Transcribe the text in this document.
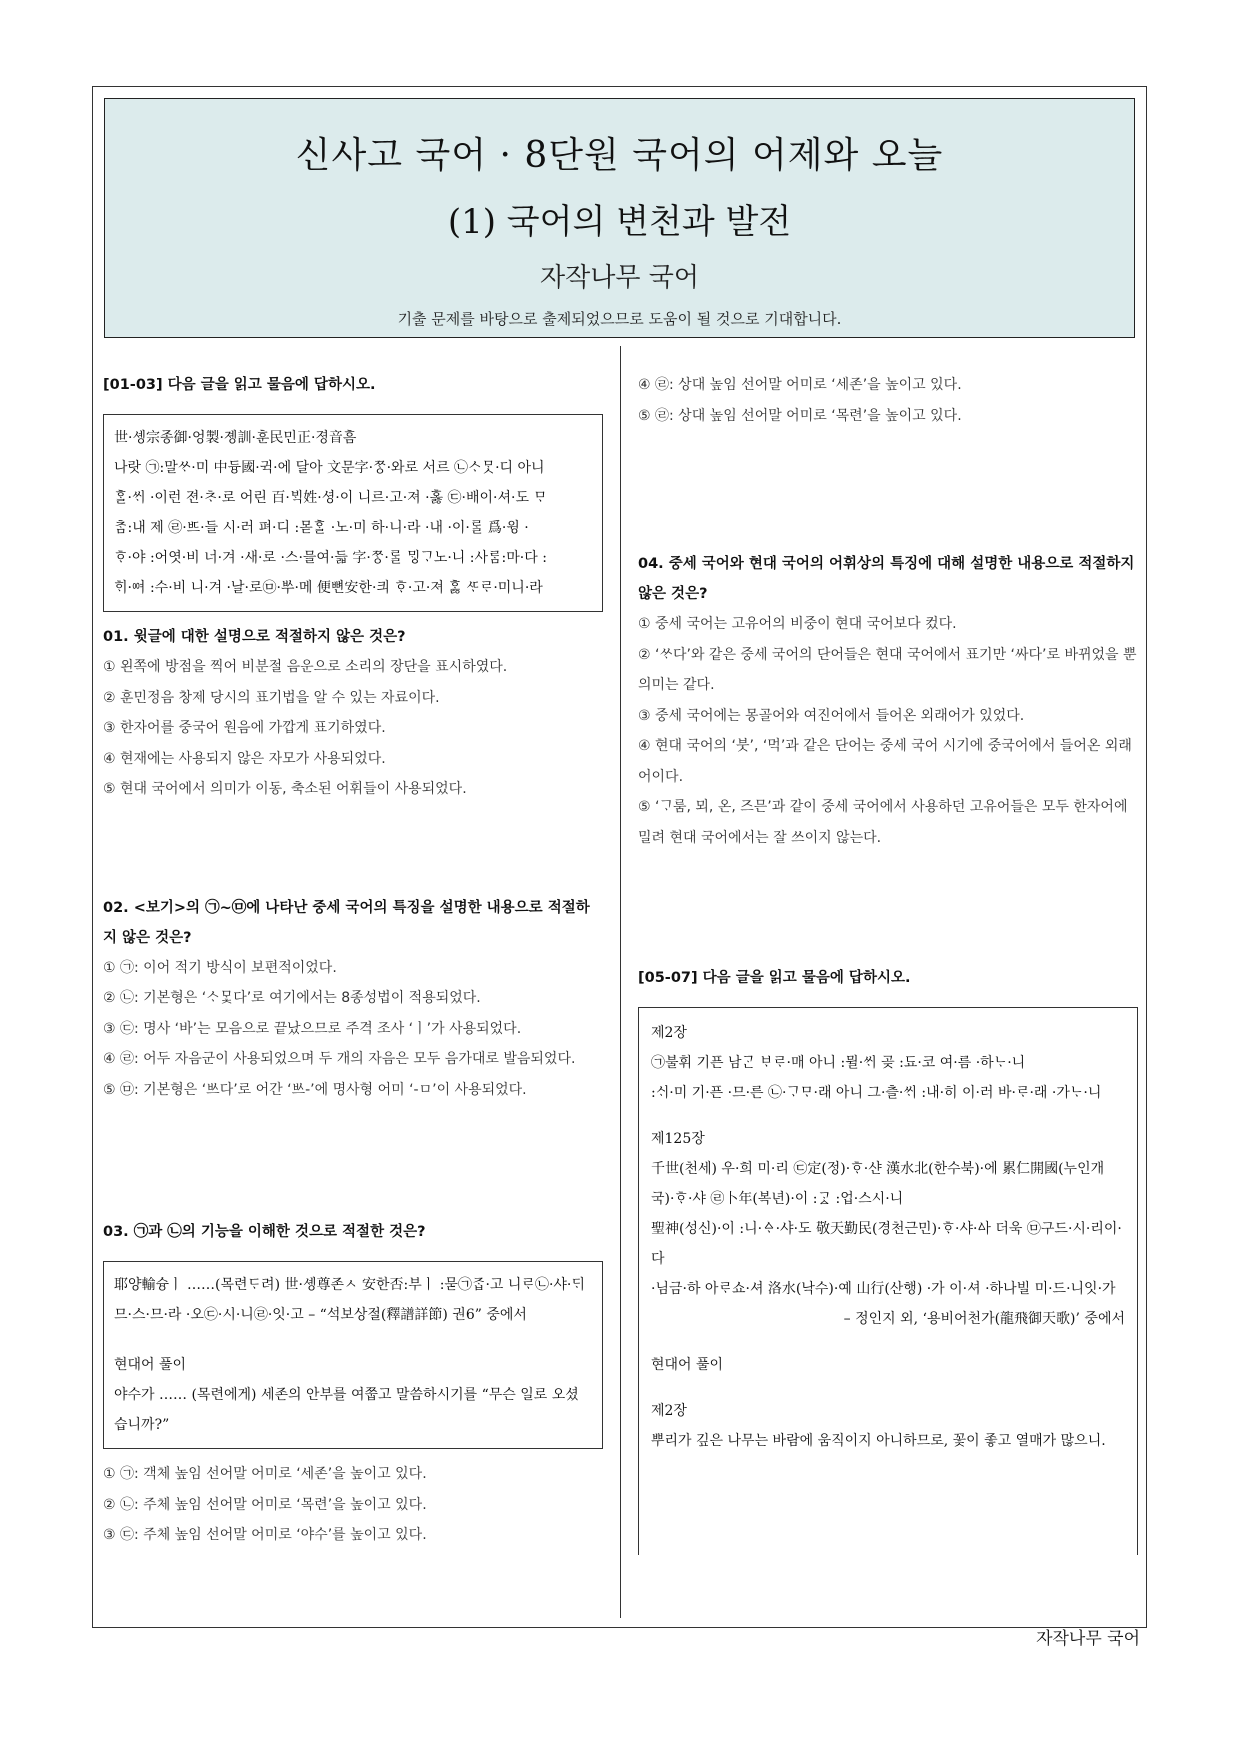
신사고 국어 · 8단원 국어의 어제와 오늘
(1) 국어의 변천과 발전
자작나무 국어
기출 문제를 바탕으로 출제되었으므로 도움이 될 것으로 기대합니다.
[01-03] 다음 글을 읽고 물음에 답하시오.
世·솅宗종御·엉製·졩訓·훈民민正·졍音흠
나랏 ㉠:말ᄊᆞ·미 中듕國·귁·에 달아 文문字·ᄍᆞᆼ·와로 서르 ㉡ᄉᆞᄆᆞᆺ·디 아니
ᄒᆞᆯ·ᄊᆡ ·이런 젼·ᄎᆞ·로 어린 百·ᄇᆡᆨ姓·셩·이 니르·고·져 ·홇 ㉢·배이·셔·도 ᄆᆞ
ᄎᆞᆷ:내 제 ㉣·ᄠᅳ·들 시·러 펴·디 :몯ᄒᆞᆯ ·노·미 하·니·라 ·내 ·이·ᄅᆞᆯ 爲·윙 ·
ᄒᆞ·야 :어엿·비 너·겨 ·새·로 ·스·믈여·듧 字·ᄍᆞᆼ·ᄅᆞᆯ ᄆᆡᇰᄀᆞ노·니 :사ᄅᆞᆷ:마·다 :
ᄒᆡ·ᅇᅧ :수·비 니·겨 ·날·로㉤·ᄡᅮ·메 便뼌安한·킈 ᄒᆞ·고·져 ᄒᆞᇙ ᄯᆞᄅᆞ·미니·라
01. 윗글에 대한 설명으로 적절하지 않은 것은?
① 왼쪽에 방점을 찍어 비분절 음운으로 소리의 장단을 표시하였다.
② 훈민정음 창제 당시의 표기법을 알 수 있는 자료이다.
③ 한자어를 중국어 원음에 가깝게 표기하였다.
④ 현재에는 사용되지 않은 자모가 사용되었다.
⑤ 현대 국어에서 의미가 이동, 축소된 어휘들이 사용되었다.
02. <보기>의 ㉠~㉤에 나타난 중세 국어의 특징을 설명한 내용으로 적절하지 않은 것은?
① ㉠: 이어 적기 방식이 보편적이었다.
② ㉡: 기본형은 ‘ᄉᆞᄆᆞᆾ다’로 여기에서는 8종성법이 적용되었다.
③ ㉢: 명사 ‘바’는 모음으로 끝났으므로 주격 조사 ‘ㅣ’가 사용되었다.
④ ㉣: 어두 자음군이 사용되었으며 두 개의 자음은 모두 음가대로 발음되었다.
⑤ ㉤: 기본형은 ‘ᄡᅳ다’로 어간 ‘ᄡᅳ-’에 명사형 어미 ‘-ㅁ’이 사용되었다.
03. ㉠과 ㉡의 기능을 이해한 것으로 적절한 것은?
耶양輸슝ㅣ ……(목련ᄃᆞ려) 世·솅尊존ㅅ 安한否:부ㅣ :묻㉠ᄌᆞᆸ·고 니ᄅᆞ㉡·샤·ᄃᆡ
므·스·므·라 ·오㉢·시·니㉣·잇·고 – “석보상절(釋譜詳節) 권6” 중에서
현대어 풀이
야수가 …… (목련에게) 세존의 안부를 여쭙고 말씀하시기를 “무슨 일로 오셨습니까?”
① ㉠: 객체 높임 선어말 어미로 ‘세존’을 높이고 있다.
② ㉡: 주체 높임 선어말 어미로 ‘목련’을 높이고 있다.
③ ㉢: 주체 높임 선어말 어미로 ‘야수’를 높이고 있다.
④ ㉣: 상대 높임 선어말 어미로 ‘세존’을 높이고 있다.
⑤ ㉣: 상대 높임 선어말 어미로 ‘목련’을 높이고 있다.
04. 중세 국어와 현대 국어의 어휘상의 특징에 대해 설명한 내용으로 적절하지 않은 것은?
① 중세 국어는 고유어의 비중이 현대 국어보다 컸다.
② ‘ᄊᆞ다’와 같은 중세 국어의 단어들은 현대 국어에서 표기만 ‘싸다’로 바뀌었을 뿐 의미는 같다.
③ 중세 국어에는 몽골어와 여진어에서 들어온 외래어가 있었다.
④ 현대 국어의 ‘붓’, ‘먹’과 같은 단어는 중세 국어 시기에 중국어에서 들어온 외래어이다.
⑤ ‘ᄀᆞ룸, 뫼, 온, 즈믄’과 같이 중세 국어에서 사용하던 고유어들은 모두 한자어에 밀려 현대 국어에서는 잘 쓰이지 않는다.
[05-07] 다음 글을 읽고 물음에 답하시오.
제2장
㉠불휘 기픈 남ᄀᆞᆫ ᄇᆞᄅᆞ·매 아니 :뮐·ᄊᆡ 곶 :됴·코 여·름 ·하ᄂᆞ·니
:ᄉᆡ·미 기·픈 ·므·른 ㉡·ᄀᆞᄆᆞ·래 아니 그·츨·ᄊᆡ :내·히 이·러 바·ᄅᆞ·래 ·가ᄂᆞ·니
제125장
千世(천세) 우·희 미·리 ㉢定(정)·ᄒᆞ·샨 漢水北(한수북)·에 累仁開國(누인개국)·ᄒᆞ·샤 ㉣卜年(복년)·이 :ᄀᆞᇫ :업·스시·니
聖神(성신)·이 :니·ᅀᆞ·샤·도 敬天勤民(경천근민)·ᄒᆞ·샤·ᅀᅡ 더욱 ㉤구드·시·리이·다
·님금·하 아ᄅᆞ쇼·셔 洛水(낙수)·예 山行(산행) ·가 이·셔 ·하나빌 미·드·니잇·가
– 정인지 외, ‘용비어천가(龍飛御天歌)’ 중에서
현대어 풀이
제2장
뿌리가 깊은 나무는 바람에 움직이지 아니하므로, 꽃이 좋고 열매가 많으니.
자작나무 국어
